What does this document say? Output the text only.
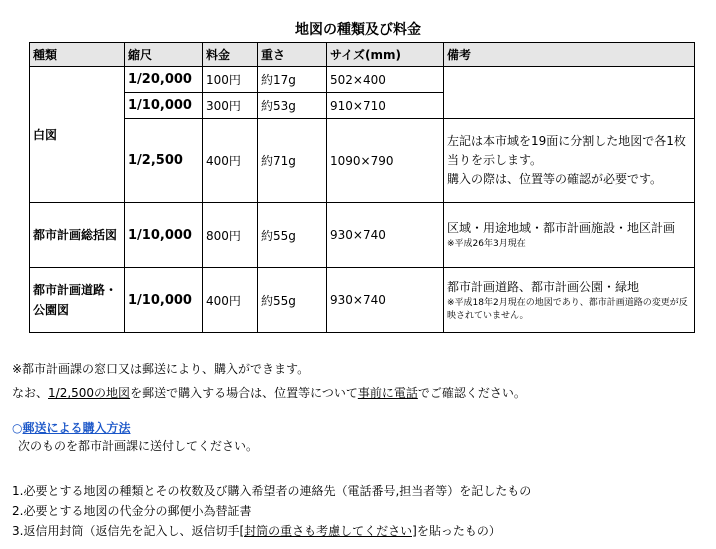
地図の種類及び料金
種類	縮尺	料金	重さ	サイズ(mm)	備考
白図	1/20,000	100円	約17g	502×400	
	1/10,000	300円	約53g	910×710	
	1/2,500	400円	約71g	1090×790	左記は本市域を19面に分割した地図で各1枚当りを示します。
購入の際は、位置等の確認が必要です。

都市計画総括図	1/10,000	800円	約55g	930×740	区域・用途地域・都市計画施設・地区計画
※平成26年3月現在

都市計画道路・公園図	1/10,000	400円	約55g	930×740	都市計画道路、都市計画公園・緑地
※平成18年2月現在の地図であり、都市計画道路の変更が反映されていません。
※都市計画課の窓口又は郵送により、購入ができます。
なお、1/2,500の地図を郵送で購入する場合は、位置等について事前に電話でご確認ください。
○郵送による購入方法
次のものを都市計画課に送付してください。
1.必要とする地図の種類とその枚数及び購入希望者の連絡先（電話番号,担当者等）を記したもの
2.必要とする地図の代金分の郵便小為替証書
3.返信用封筒（返信先を記入し、返信切手[封筒の重さも考慮してください]を貼ったもの）
